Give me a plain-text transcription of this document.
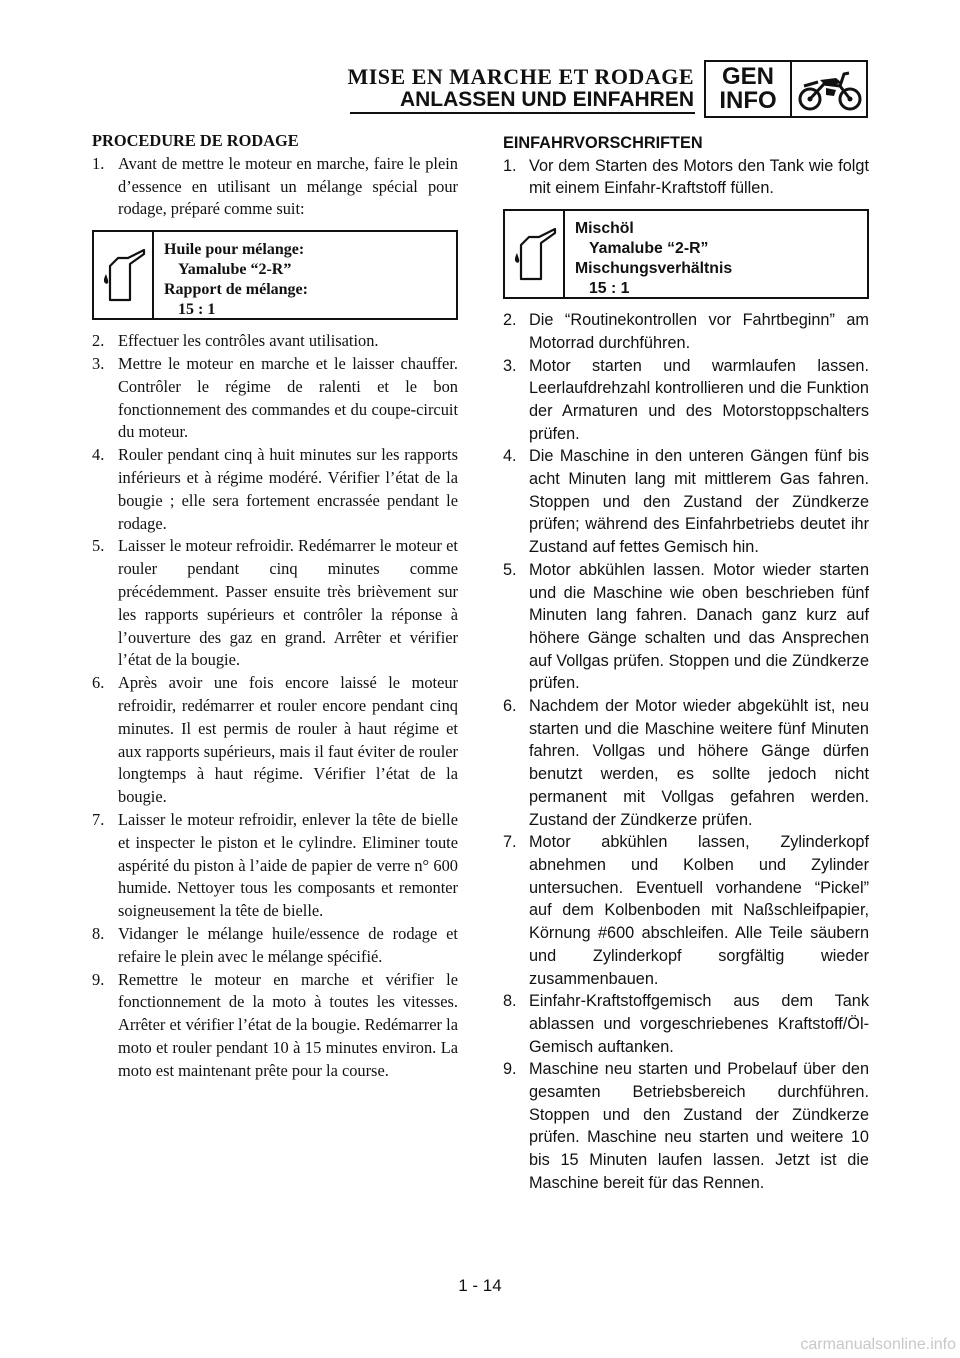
MISE EN MARCHE ET RODAGE
ANLASSEN UND EINFAHREN
GEN
INFO

PROCEDURE DE RODAGE

1. Avant de mettre le moteur en marche, faire le plein d’essence en utilisant un mélange spécial pour rodage, préparé comme suit:
Huile pour mélange:
Yamalube “2-R”
Rapport de mélange:
15 : 1
2. Effectuer les contrôles avant utilisation.
3. Mettre le moteur en marche et le laisser chauffer. Contrôler le régime de ralenti et le bon fonctionnement des commandes et du coupe-circuit du moteur.
4. Rouler pendant cinq à huit minutes sur les rapports inférieurs et à régime modéré. Vérifier l’état de la bougie ; elle sera fortement encrassée pendant le rodage.
5. Laisser le moteur refroidir. Redémarrer le moteur et rouler pendant cinq minutes comme précédemment. Passer ensuite très brièvement sur les rapports supérieurs et contrôler la réponse à l’ouverture des gaz en grand. Arrêter et vérifier l’état de la bougie.
6. Après avoir une fois encore laissé le moteur refroidir, redémarrer et rouler encore pendant cinq minutes. Il est permis de rouler à haut régime et aux rapports supérieurs, mais il faut éviter de rouler longtemps à haut régime. Vérifier l’état de la bougie.
7. Laisser le moteur refroidir, enlever la tête de bielle et inspecter le piston et le cylindre. Eliminer toute aspérité du piston à l’aide de papier de verre n° 600 humide. Nettoyer tous les composants et remonter soigneusement la tête de bielle.
8. Vidanger le mélange huile/essence de rodage et refaire le plein avec le mélange spécifié.
9. Remettre le moteur en marche et vérifier le fonctionnement de la moto à toutes les vitesses. Arrêter et vérifier l’état de la bougie. Redémarrer la moto et rouler pendant 10 à 15 minutes environ. La moto est maintenant prête pour la course.

EINFAHRVORSCHRIFTEN

1. Vor dem Starten des Motors den Tank wie folgt mit einem Einfahr-Kraftstoff füllen.
Mischöl
Yamalube “2-R”
Mischungsverhältnis
15 : 1
2. Die “Routinekontrollen vor Fahrtbeginn” am Motorrad durchführen.
3. Motor starten und warmlaufen lassen. Leerlaufdrehzahl kontrollieren und die Funktion der Armaturen und des Motorstoppschalters prüfen.
4. Die Maschine in den unteren Gängen fünf bis acht Minuten lang mit mittlerem Gas fahren. Stoppen und den Zustand der Zündkerze prüfen; während des Einfahrbetriebs deutet ihr Zustand auf fettes Gemisch hin.
5. Motor abkühlen lassen. Motor wieder starten und die Maschine wie oben beschrieben fünf Minuten lang fahren. Danach ganz kurz auf höhere Gänge schalten und das Ansprechen auf Vollgas prüfen. Stoppen und die Zündkerze prüfen.
6. Nachdem der Motor wieder abgekühlt ist, neu starten und die Maschine weitere fünf Minuten fahren. Vollgas und höhere Gänge dürfen benutzt werden, es sollte jedoch nicht permanent mit Vollgas gefahren werden. Zustand der Zündkerze prüfen.
7. Motor abkühlen lassen, Zylinderkopf abnehmen und Kolben und Zylinder untersuchen. Eventuell vorhandene “Pickel” auf dem Kolbenboden mit Naßschleifpapier, Körnung #600 abschleifen. Alle Teile säubern und Zylinderkopf sorgfältig wieder zusammenbauen.
8. Einfahr-Kraftstoffgemisch aus dem Tank ablassen und vorgeschriebenes Kraftstoff/Öl-Gemisch auftanken.
9. Maschine neu starten und Probelauf über den gesamten Betriebsbereich durchführen. Stoppen und den Zustand der Zündkerze prüfen. Maschine neu starten und weitere 10 bis 15 Minuten laufen lassen. Jetzt ist die Maschine bereit für das Rennen.
1 - 14
carmanualsonline.info
